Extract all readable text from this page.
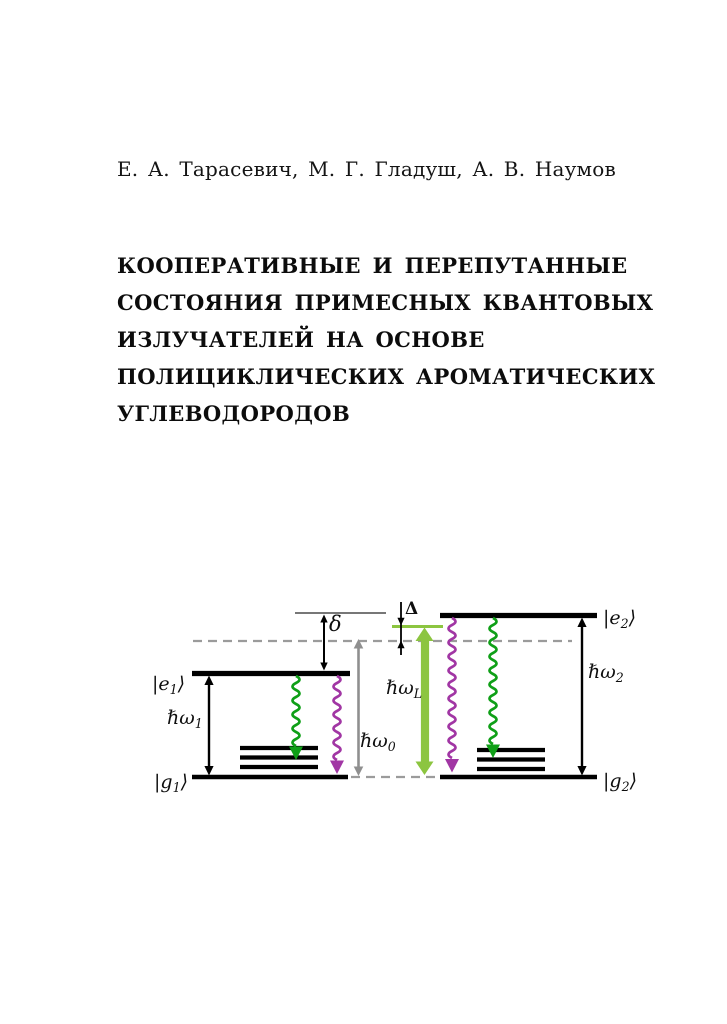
Е. А. Тарасевич, М. Г. Гладуш, А. В. Наумов
КООПЕРАТИВНЫЕ И ПЕРЕПУТАННЫЕ
СОСТОЯНИЯ ПРИМЕСНЫХ КВАНТОВЫХ
ИЗЛУЧАТЕЛЕЙ НА ОСНОВЕ
ПОЛИЦИКЛИЧЕСКИХ АРОМАТИЧЕСКИХ
УГЛЕВОДОРОДОВ
$|e_1⟩$
ℏω$_1$
$|g_1⟩$
δ
ℏω$_0$
Δ
ℏω$_L$
$|e_2⟩$
ℏω$_2$
$|g_2⟩$
